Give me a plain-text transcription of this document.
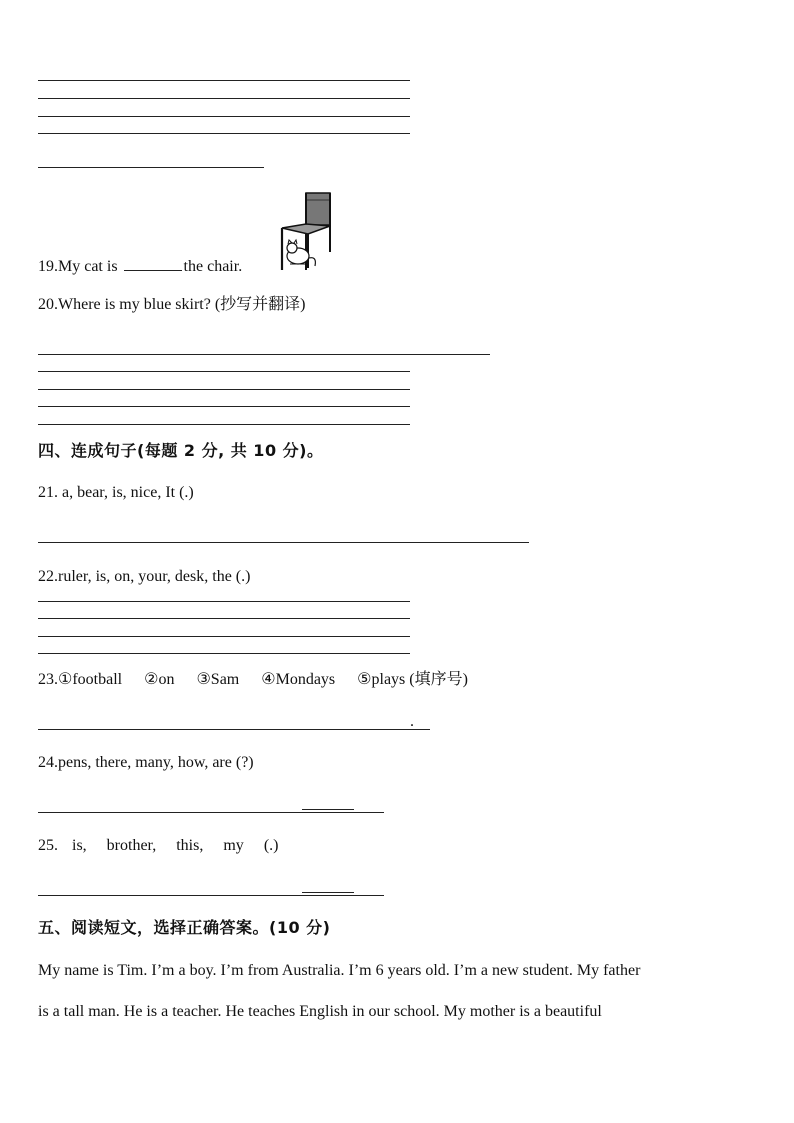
19.My cat is	the chair.
20.Where is my blue skirt? (抄写并翻译)
四、连成句子(每题 2 分, 共 10 分)。
21. a, bear, is, nice, It (.)
22.ruler, is, on, your, desk, the (.)
23.①football ②on ③Sam ④Mondays ⑤plays (填序号)
.
24.pens, there, many, how, are (?)
25. is, brother, this, my (.)
五、阅读短文，选择正确答案。(10 分)
My name is Tim. I’m a boy. I’m from Australia. I’m 6 years old. I’m a new student. My father
is a tall man. He is a teacher. He teaches English in our school. My mother is a beautiful
